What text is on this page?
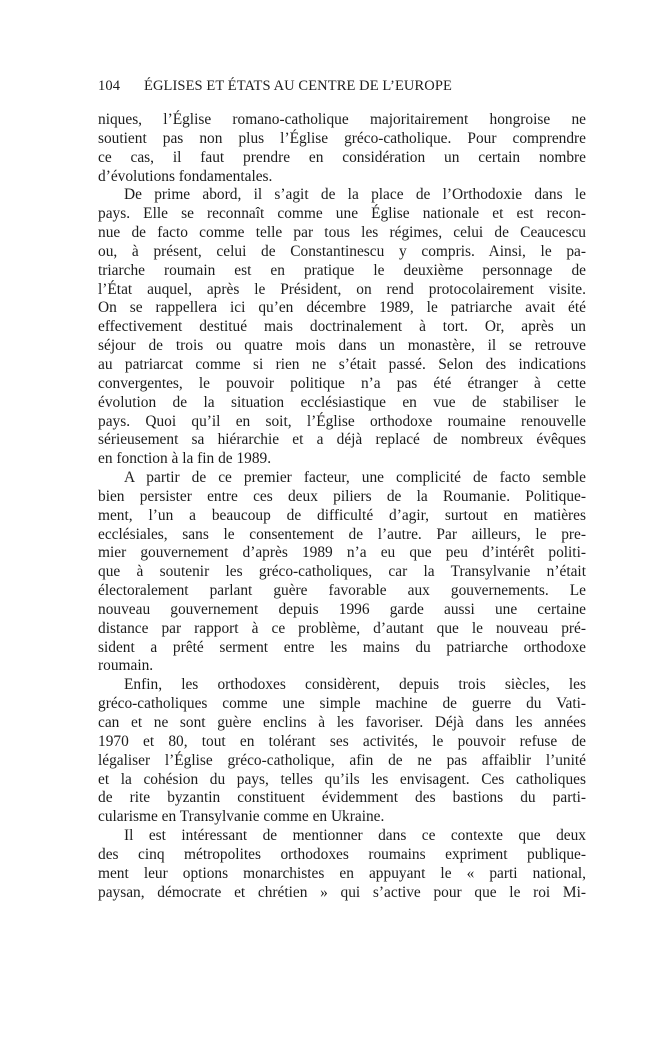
104 ÉGLISES ET ÉTATS AU CENTRE DE L’EUROPE
niques, l’Église romano-catholique majoritairement hongroise ne
soutient pas non plus l’Église gréco-catholique. Pour comprendre
ce cas, il faut prendre en considération un certain nombre
d’évolutions fondamentales.
De prime abord, il s’agit de la place de l’Orthodoxie dans le
pays. Elle se reconnaît comme une Église nationale et est recon-
nue de facto comme telle par tous les régimes, celui de Ceaucescu
ou, à présent, celui de Constantinescu y compris. Ainsi, le pa-
triarche roumain est en pratique le deuxième personnage de
l’État auquel, après le Président, on rend protocolairement visite.
On se rappellera ici qu’en décembre 1989, le patriarche avait été
effectivement destitué mais doctrinalement à tort. Or, après un
séjour de trois ou quatre mois dans un monastère, il se retrouve
au patriarcat comme si rien ne s’était passé. Selon des indications
convergentes, le pouvoir politique n’a pas été étranger à cette
évolution de la situation ecclésiastique en vue de stabiliser le
pays. Quoi qu’il en soit, l’Église orthodoxe roumaine renouvelle
sérieusement sa hiérarchie et a déjà replacé de nombreux évêques
en fonction à la fin de 1989.
A partir de ce premier facteur, une complicité de facto semble
bien persister entre ces deux piliers de la Roumanie. Politique-
ment, l’un a beaucoup de difficulté d’agir, surtout en matières
ecclésiales, sans le consentement de l’autre. Par ailleurs, le pre-
mier gouvernement d’après 1989 n’a eu que peu d’intérêt politi-
que à soutenir les gréco-catholiques, car la Transylvanie n’était
électoralement parlant guère favorable aux gouvernements. Le
nouveau gouvernement depuis 1996 garde aussi une certaine
distance par rapport à ce problème, d’autant que le nouveau pré-
sident a prêté serment entre les mains du patriarche orthodoxe
roumain.
Enfin, les orthodoxes considèrent, depuis trois siècles, les
gréco-catholiques comme une simple machine de guerre du Vati-
can et ne sont guère enclins à les favoriser. Déjà dans les années
1970 et 80, tout en tolérant ses activités, le pouvoir refuse de
légaliser l’Église gréco-catholique, afin de ne pas affaiblir l’unité
et la cohésion du pays, telles qu’ils les envisagent. Ces catholiques
de rite byzantin constituent évidemment des bastions du parti-
cularisme en Transylvanie comme en Ukraine.
Il est intéressant de mentionner dans ce contexte que deux
des cinq métropolites orthodoxes roumains expriment publique-
ment leur options monarchistes en appuyant le « parti national,
paysan, démocrate et chrétien » qui s’active pour que le roi Mi-
